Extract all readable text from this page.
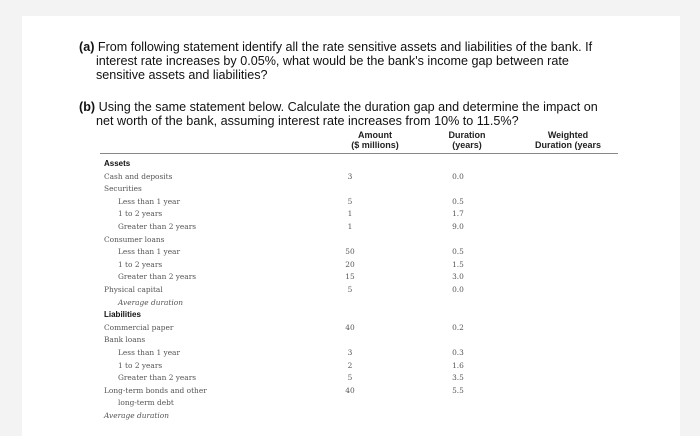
(a) From following statement identify all the rate sensitive assets and liabilities of the bank. If
interest rate increases by 0.05%, what would be the bank's income gap between rate
sensitive assets and liabilities?
(b) Using the same statement below. Calculate the duration gap and determine the impact on
net worth of the bank, assuming interest rate increases from 10% to 11.5%?
Amount
($ millions)
Duration
(years)
Weighted
Duration (years
Assets
Cash and deposits	3	0.0
Securities
Less than 1 year	5	0.5
1 to 2 years	1	1.7
Greater than 2 years	1	9.0
Consumer loans
Less than 1 year	50	0.5
1 to 2 years	20	1.5
Greater than 2 years	15	3.0
Physical capital	5	0.0
Average duration
Liabilities
Commercial paper	40	0.2
Bank loans
Less than 1 year	3	0.3
1 to 2 years	2	1.6
Greater than 2 years	5	3.5
Long-term bonds and other	40	5.5
long-term debt
Average duration
